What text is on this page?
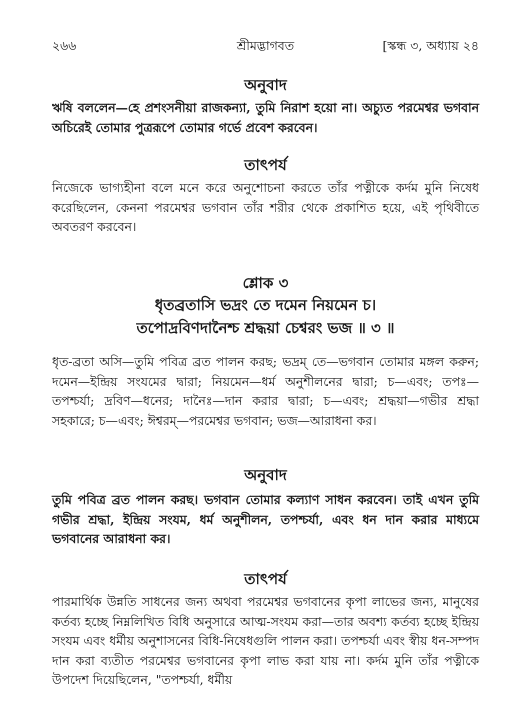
২৬৬	শ্রীমদ্ভাগবত	[স্কন্ধ ৩, অধ্যায় ২৪
অনুবাদ
ঋষি বললেন—হে প্রশংসনীয়া রাজকন্যা, তুমি নিরাশ হয়ো না। অচ্যুত পরমেশ্বর ভগবান অচিরেই তোমার পুত্ররূপে তোমার গর্ভে প্রবেশ করবেন।
তাৎপর্য
নিজেকে ভাগ্যহীনা বলে মনে করে অনুশোচনা করতে তাঁর পত্নীকে কর্দম মুনি নিষেধ করেছিলেন, কেননা পরমেশ্বর ভগবান তাঁর শরীর থেকে প্রকাশিত হয়ে, এই পৃথিবীতে অবতরণ করবেন।
শ্লোক ৩
ধৃতব্রতাসি ভদ্রং তে দমেন নিয়মেন চ।
তপোদ্রবিণদানৈশ্চ শ্রদ্ধয়া চেশ্বরং ভজ ॥ ৩ ॥
ধৃত-ব্রতা অসি—তুমি পবিত্র ব্রত পালন করছ; ভদ্রম্ তে—ভগবান তোমার মঙ্গল করুন; দমেন—ইন্দ্রিয় সংযমের দ্বারা; নিয়মেন—ধর্ম অনুশীলনের দ্বারা; চ—এবং; তপঃ—তপশ্চর্যা; দ্রবিণ—ধনের; দানৈঃ—দান করার দ্বারা; চ—এবং; শ্রদ্ধয়া—গভীর শ্রদ্ধা সহকারে; চ—এবং; ঈশ্বরম্—পরমেশ্বর ভগবান; ভজ—আরাধনা কর।
অনুবাদ
তুমি পবিত্র ব্রত পালন করছ। ভগবান তোমার কল্যাণ সাধন করবেন। তাই এখন তুমি গভীর শ্রদ্ধা, ইন্দ্রিয় সংযম, ধর্ম অনুশীলন, তপশ্চর্যা, এবং ধন দান করার মাধ্যমে ভগবানের আরাধনা কর।
তাৎপর্য
পারমার্থিক উন্নতি সাধনের জন্য অথবা পরমেশ্বর ভগবানের কৃপা লাভের জন্য, মানুষের কর্তব্য হচ্ছে নিম্নলিখিত বিধি অনুসারে আত্ম-সংযম করা—তার অবশ্য কর্তব্য হচ্ছে ইন্দ্রিয় সংযম এবং ধর্মীয় অনুশাসনের বিধি-নিষেধগুলি পালন করা। তপশ্চর্যা এবং স্বীয় ধন-সম্পদ দান করা ব্যতীত পরমেশ্বর ভগবানের কৃপা লাভ করা যায় না। কর্দম মুনি তাঁর পত্নীকে উপদেশ দিয়েছিলেন, "তপশ্চর্যা, ধর্মীয়
